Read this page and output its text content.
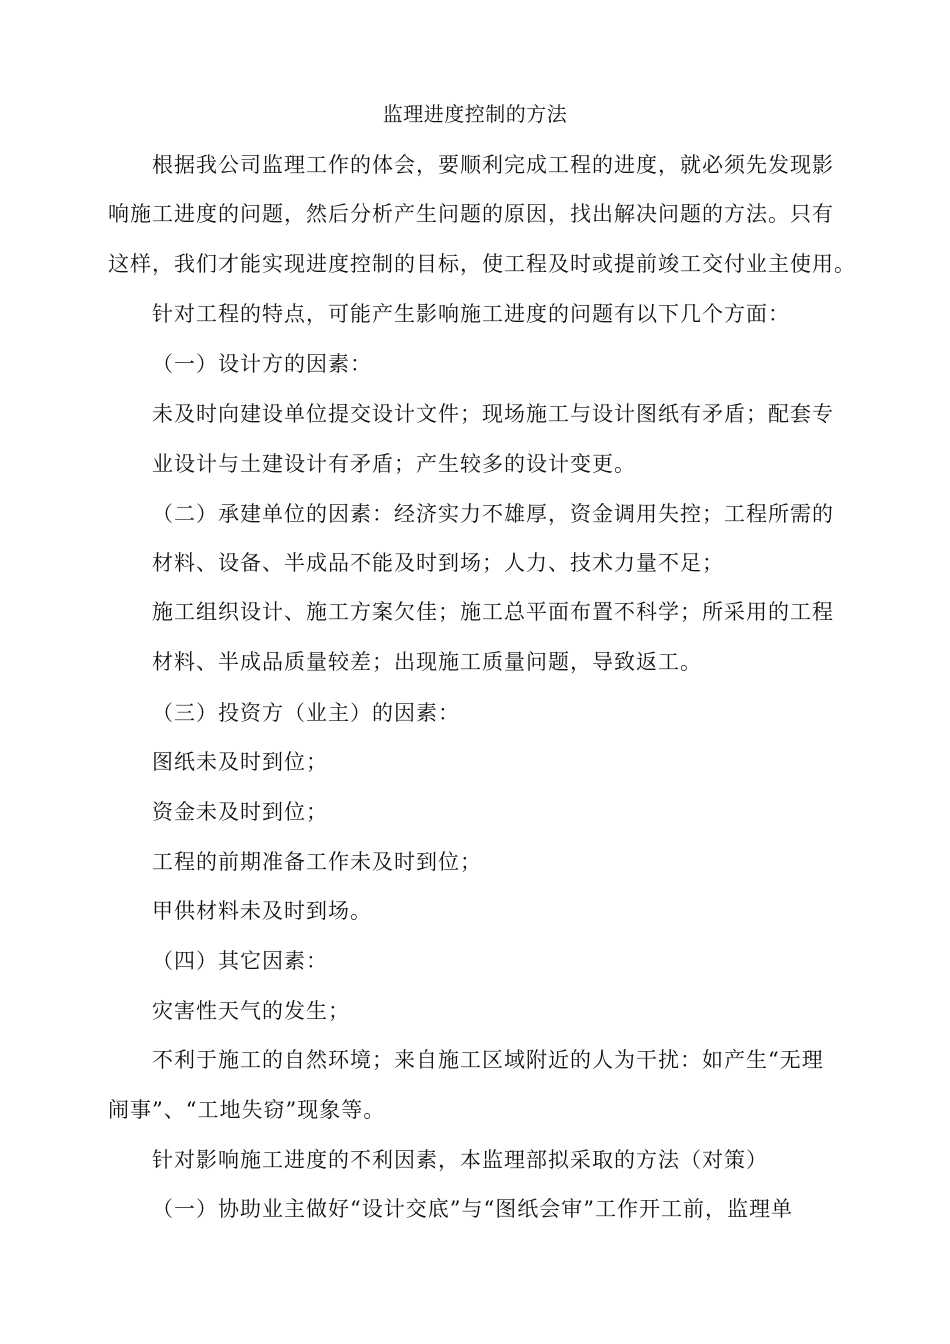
监理进度控制的方法
根据我公司监理工作的体会，要顺利完成工程的进度，就必须先发现影
响施工进度的问题，然后分析产生问题的原因，找出解决问题的方法。只有
这样，我们才能实现进度控制的目标，使工程及时或提前竣工交付业主使用。
针对工程的特点，可能产生影响施工进度的问题有以下几个方面：
（一）设计方的因素：
未及时向建设单位提交设计文件；现场施工与设计图纸有矛盾；配套专
业设计与土建设计有矛盾；产生较多的设计变更。
（二）承建单位的因素：经济实力不雄厚，资金调用失控；工程所需的
材料、设备、半成品不能及时到场；人力、技术力量不足；
施工组织设计、施工方案欠佳；施工总平面布置不科学；所采用的工程
材料、半成品质量较差；出现施工质量问题，导致返工。
（三）投资方（业主）的因素：
图纸未及时到位；
资金未及时到位；
工程的前期准备工作未及时到位；
甲供材料未及时到场。
（四）其它因素：
灾害性天气的发生；
不利于施工的自然环境；来自施工区域附近的人为干扰：如产生“无理
闹事”、“工地失窃”现象等。
针对影响施工进度的不利因素，本监理部拟采取的方法（对策）
（一）协助业主做好“设计交底”与“图纸会审”工作开工前，监理单
